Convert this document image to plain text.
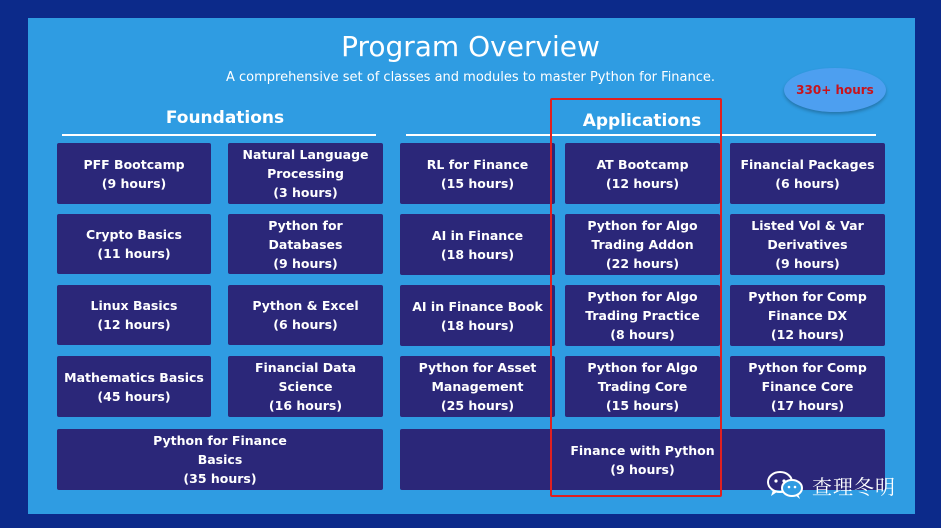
Program Overview
A comprehensive set of classes and modules to master Python for Finance.
330+ hours
Foundations	Applications
PFF Bootcamp
(9 hours)
Natural Language
Processing
(3 hours)
Crypto Basics
(11 hours)
Python for Databases
(9 hours)
Linux Basics
(12 hours)
Python & Excel
(6 hours)
Mathematics Basics
(45 hours)
Financial Data Science
(16 hours)
Python for Finance
Basics
(35 hours)
RL for Finance
(15 hours)
AI in Finance
(18 hours)
AI in Finance Book
(18 hours)
Python for Asset
Management
(25 hours)
Finance with Python
(9 hours)
AT Bootcamp
(12 hours)
Python for Algo
Trading Addon
(22 hours)
Python for Algo
Trading Practice
(8 hours)
Python for Algo
Trading Core
(15 hours)
Financial Packages
(6 hours)
Listed Vol & Var
Derivatives
(9 hours)
Python for Comp
Finance DX
(12 hours)
Python for Comp
Finance Core
(17 hours)
查理冬明
